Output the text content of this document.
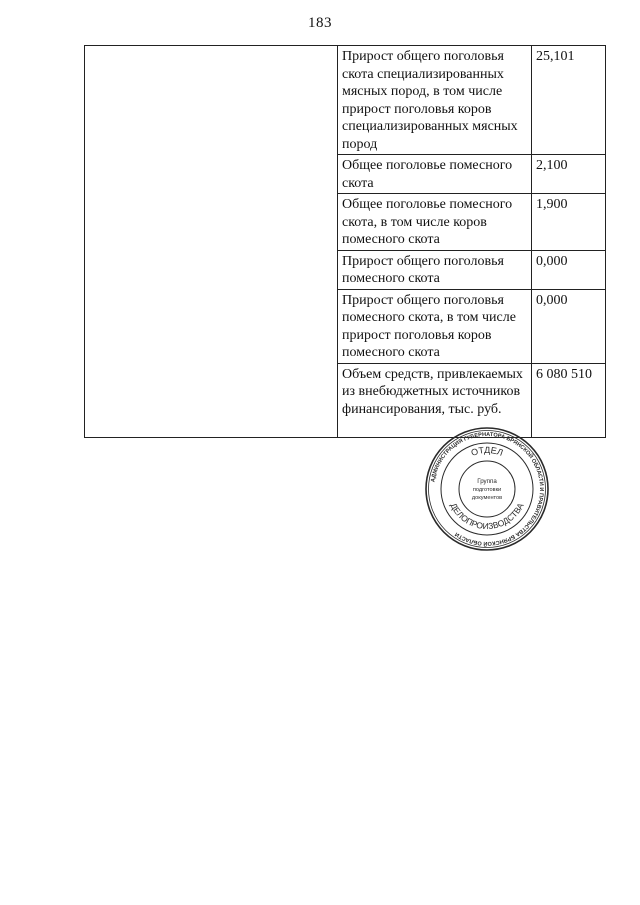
183
	Прирост общего поголовья скота специализированных мясных пород, в том числе прирост поголовья коров специализированных мясных пород	25,101
	Общее поголовье помесного скота	2,100
	Общее поголовье помесного скота, в том числе коров помесного скота	1,900
	Прирост общего поголовья помесного скота	0,000
	Прирост общего поголовья помесного скота, в том числе прирост поголовья коров помесного скота	0,000
	Объем средств, привлекаемых из внебюджетных источников финансирования, тыс. руб.	6 080 510
АДМИНИСТРАЦИЯ ГУБЕРНАТОРА БРЯНСКОЙ ОБЛАСТИ И ПРАВИТЕЛЬСТВА БРЯНСКОЙ ОБЛАСТИ
ОТДЕЛ
ДЕЛОПРОИЗВОДСТВА
Группа
подготовки
документов
